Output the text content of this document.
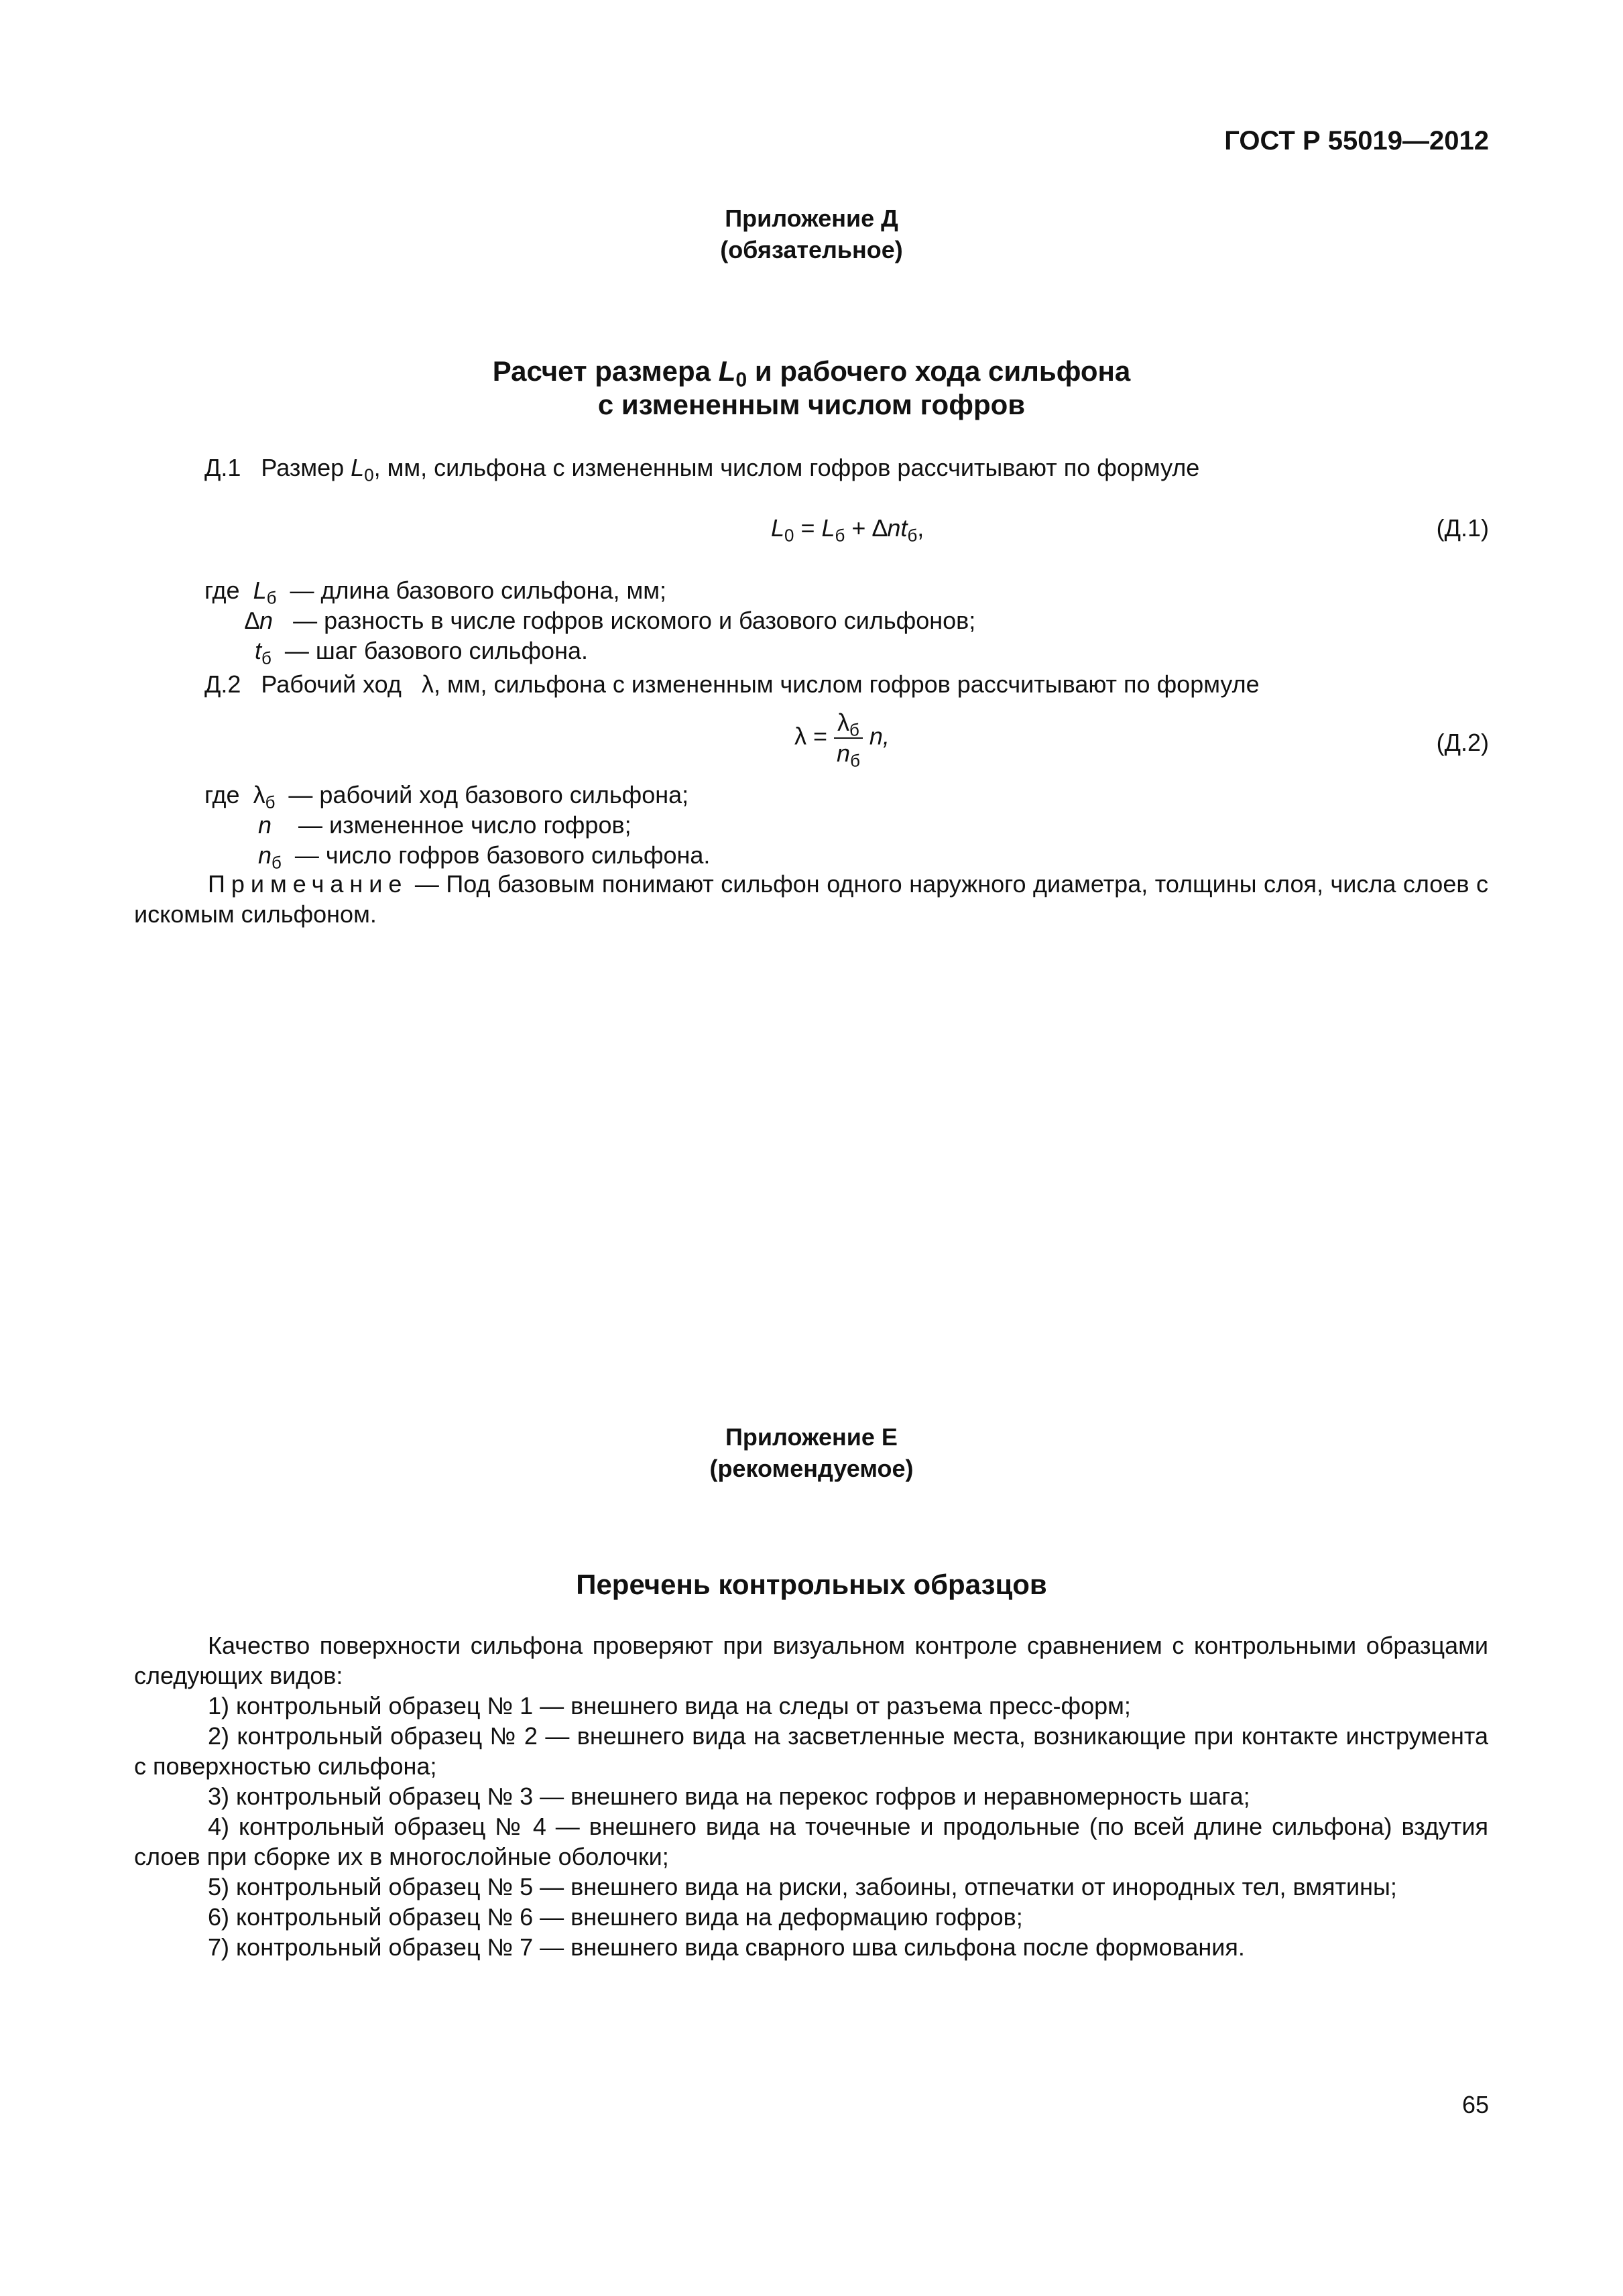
ГОСТ Р 55019—2012
Приложение Д
(обязательное)
Расчет размера $L_0$ и рабочего хода сильфона
с измененным числом гофров
Д.1 Размер $L_0$, мм, сильфона с измененным числом гофров рассчитывают по формуле
$L_0 = L_б + \Delta nt_б$,	(Д.1)
где $L_б$ — длина базового сильфона, мм;
∆n — разность в числе гофров искомого и базового сильфонов;
$t_б$ — шаг базового сильфона.
Д.2 Рабочий ход λ, мм, сильфона с измененным числом гофров рассчитывают по формуле
$\lambda = \frac{\lambda_б}{n_б} n$,	(Д.2)
где $\lambda_б$ — рабочий ход базового сильфона;
n — измененное число гофров;
$n_б$ — число гофров базового сильфона.
Примечание — Под базовым понимают сильфон одного наружного диаметра, толщины слоя, числа слоев с искомым сильфоном.
Приложение Е
(рекомендуемое)
Перечень контрольных образцов
Качество поверхности сильфона проверяют при визуальном контроле сравнением с контрольными образцами следующих видов:
1) контрольный образец № 1 — внешнего вида на следы от разъема пресс-форм;
2) контрольный образец № 2 — внешнего вида на засветленные места, возникающие при контакте инструмента с поверхностью сильфона;
3) контрольный образец № 3 — внешнего вида на перекос гофров и неравномерность шага;
4) контрольный образец № 4 — внешнего вида на точечные и продольные (по всей длине сильфона) вздутия слоев при сборке их в многослойные оболочки;
5) контрольный образец № 5 — внешнего вида на риски, забоины, отпечатки от инородных тел, вмятины;
6) контрольный образец № 6 — внешнего вида на деформацию гофров;
7) контрольный образец № 7 — внешнего вида сварного шва сильфона после формования.
65
